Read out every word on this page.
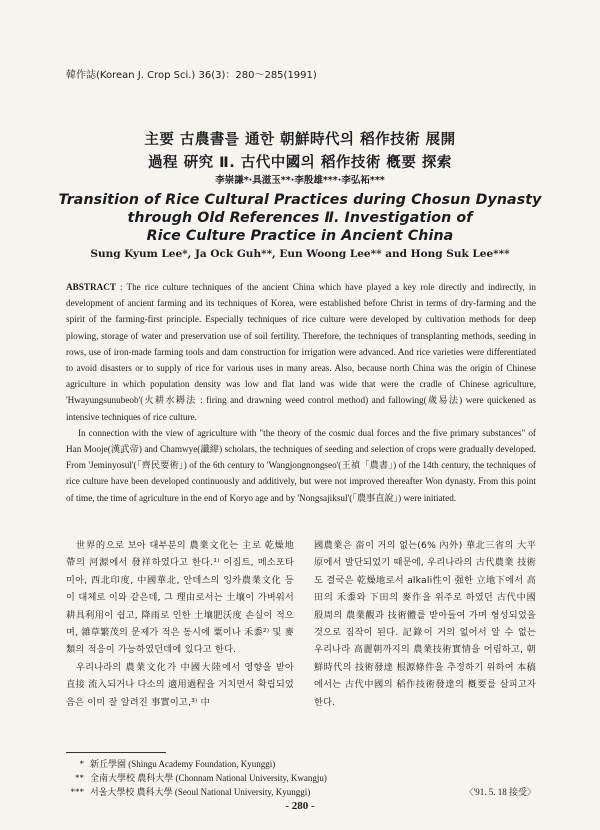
韓作誌(Korean J. Crop Sci.) 36(3)：280～285(1991)
主要 古農書를 通한 朝鮮時代의 稻作技術 展開
過程 硏究 Ⅱ. 古代中國의 稻作技術 槪要 探索
李崇謙*·具滋玉**·李殷雄***·李弘袥***
Transition of Rice Cultural Practices during Chosun Dynasty
through Old References Ⅱ. Investigation of
Rice Culture Practice in Ancient China
Sung Kyum Lee*, Ja Ock Guh**, Eun Woong Lee** and Hong Suk Lee***

ABSTRACT : The rice culture techniques of the ancient China which have played a key role directly and indirectly, in development of ancient farming and its techniques of Korea, were established before Christ in terms of dry-farming and the spirit of the farming-first principle. Especially techniques of rice culture were developed by cultivation methods for deep plowing, storage of water and preservation use of soil fertility. Therefore, the techniques of transplanting methods, seeding in rows, use of iron-made farming tools and dam construction for irrigation were advanced. And rice varieties were differentiated to avoid disasters or to supply of rice for various uses in many areas. Also, because north China was the origin of Chinese agriculture in which population density was low and flat land was wide that were the cradle of Chinese agriculture, 'Hwayungsunubeob'(火耕水耨法 : firing and drawning weed control method) and fallowing(歲易法) were quickened as intensive techniques of rice culture.

In connection with the view of agriculture with "the theory of the cosmic dual forces and the five primary substances" of Han Mooje(漢武帝) and Chamwye(讖緯) scholars, the techniques of seeding and selection of crops were gradually developed. From 'Jeminyosul'(「齊民要術」) of the 6th century to 'Wangjongnongseo'(王禎「農書」) of the 14th century, the techniques of rice culture have been developed continuously and additively, but were not improved thereafter Won dynasty. From this point of time, the time of agriculture in the end of Koryo age and by 'Nongsajiksul'(「農事直說」) were initiated.

世界的으로 보아 대부분의 農業文化는 主로 乾燥地帶의 河源에서 發祥하였다고 한다.¹⁾ 이집트, 메소포타미아, 西北印度, 中國華北, 안데스의 잉카農業文化 등이 대체로 이와 같은데, 그 理由로서는 土壤이 가벼워서 耕具利用이 쉽고, 降雨로 인한 土壤肥沃度 손실이 적으며, 雜草繁茂의 문제가 적은 동시에 粟이나 禾黍²⁾ 및 麥類의 적응이 가능하였던데에 있다고 한다.

우리나라의 農業文化가 中國大陸에서 영향을 받아 直接 流入되거나 다소의 適用過程을 거치면서 확립되었음은 이미 잘 알려진 事實이고,³⁾ 中

國農業은 畓이 거의 없는(6% 內外) 華北三省의 大平原에서 발단되었기 때문에, 우리나라의 古代農業 技術도 결국은 乾燥地로서 alkali性이 强한 立地下에서 高田의 禾黍와 下田의 麥作을 위주로 하였던 古代中國 殷周의 農業觀과 技術體를 받아들여 가며 형성되었을 것으로 짐작이 된다. 記錄이 거의 없어서 알 수 없는 우리나라 高麗朝까지의 農業技術實情을 어림하고, 朝鮮時代의 技術發達 根源條件을 추정하기 위하여 本稿에서는 古代中國의 稻作技術發達의 槪要를 살피고자 한다.

* 新丘學園 (Shingu Academy Foundation, Kyunggi)
** 全南大學校 農科大學 (Chonnam National University, Kwangju)
*** 서울大學校 農科大學 (Seoul National University, Kyunggi)	〈'91. 5. 18 接受〉
- 280 -
